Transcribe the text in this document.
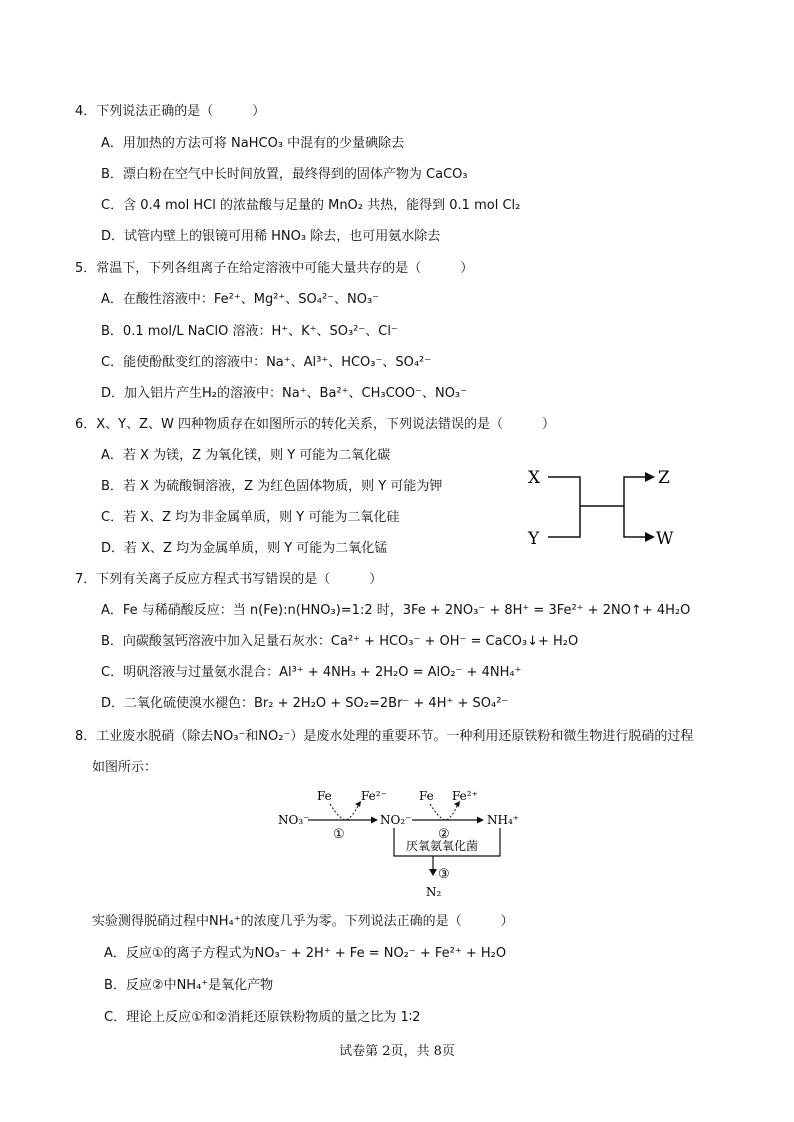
4．下列说法正确的是（　　　）
A．用加热的方法可将 NaHCO₃ 中混有的少量碘除去
B．漂白粉在空气中长时间放置，最终得到的固体产物为 CaCO₃
C．含 0.4 mol HCl 的浓盐酸与足量的 MnO₂ 共热，能得到 0.1 mol Cl₂
D．试管内壁上的银镜可用稀 HNO₃ 除去，也可用氨水除去
5．常温下，下列各组离子在给定溶液中可能大量共存的是（　　　）
A．在酸性溶液中：Fe²⁺、Mg²⁺、SO₄²⁻、NO₃⁻
B．0.1 mol/L NaClO 溶液：H⁺、K⁺、SO₃²⁻、Cl⁻
C．能使酚酞变红的溶液中：Na⁺、Al³⁺、HCO₃⁻、SO₄²⁻
D．加入铝片产生H₂的溶液中：Na⁺、Ba²⁺、CH₃COO⁻、NO₃⁻
6．X、Y、Z、W 四种物质存在如图所示的转化关系，下列说法错误的是（　　　）
A．若 X 为镁，Z 为氧化镁，则 Y 可能为二氧化碳
B．若 X 为硫酸铜溶液，Z 为红色固体物质，则 Y 可能为钾
C．若 X、Z 均为非金属单质，则 Y 可能为二氧化硅
D．若 X、Z 均为金属单质，则 Y 可能为二氧化锰
X
Y
Z
W
7．下列有关离子反应方程式书写错误的是（　　　）
A．Fe 与稀硝酸反应：当 n(Fe):n(HNO₃)=1:2 时，3Fe + 2NO₃⁻ + 8H⁺ = 3Fe²⁺ + 2NO↑+ 4H₂O
B．向碳酸氢钙溶液中加入足量石灰水：Ca²⁺ + HCO₃⁻ + OH⁻ = CaCO₃↓+ H₂O
C．明矾溶液与过量氨水混合：Al³⁺ + 4NH₃ + 2H₂O = AlO₂⁻ + 4NH₄⁺
D．二氧化硫使溴水褪色：Br₂ + 2H₂O + SO₂=2Br⁻ + 4H⁺ + SO₄²⁻
8．工业废水脱硝（除去NO₃⁻和NO₂⁻）是废水处理的重要环节。一种利用还原铁粉和微生物进行脱硝的过程
如图所示：
Fe Fe²⁻	Fe Fe²⁺
NO₃⁻	NO₂⁻	NH₄⁺
①	②
厌氧氨氧化菌
③
N₂
实验测得脱硝过程中NH₄⁺的浓度几乎为零。下列说法正确的是（　　　）
A．反应①的离子方程式为NO₃⁻ + 2H⁺ + Fe = NO₂⁻ + Fe²⁺ + H₂O
B．反应②中NH₄⁺是氧化产物
C．理论上反应①和②消耗还原铁粉物质的量之比为 1∶2
试卷第 2页，共 8页
